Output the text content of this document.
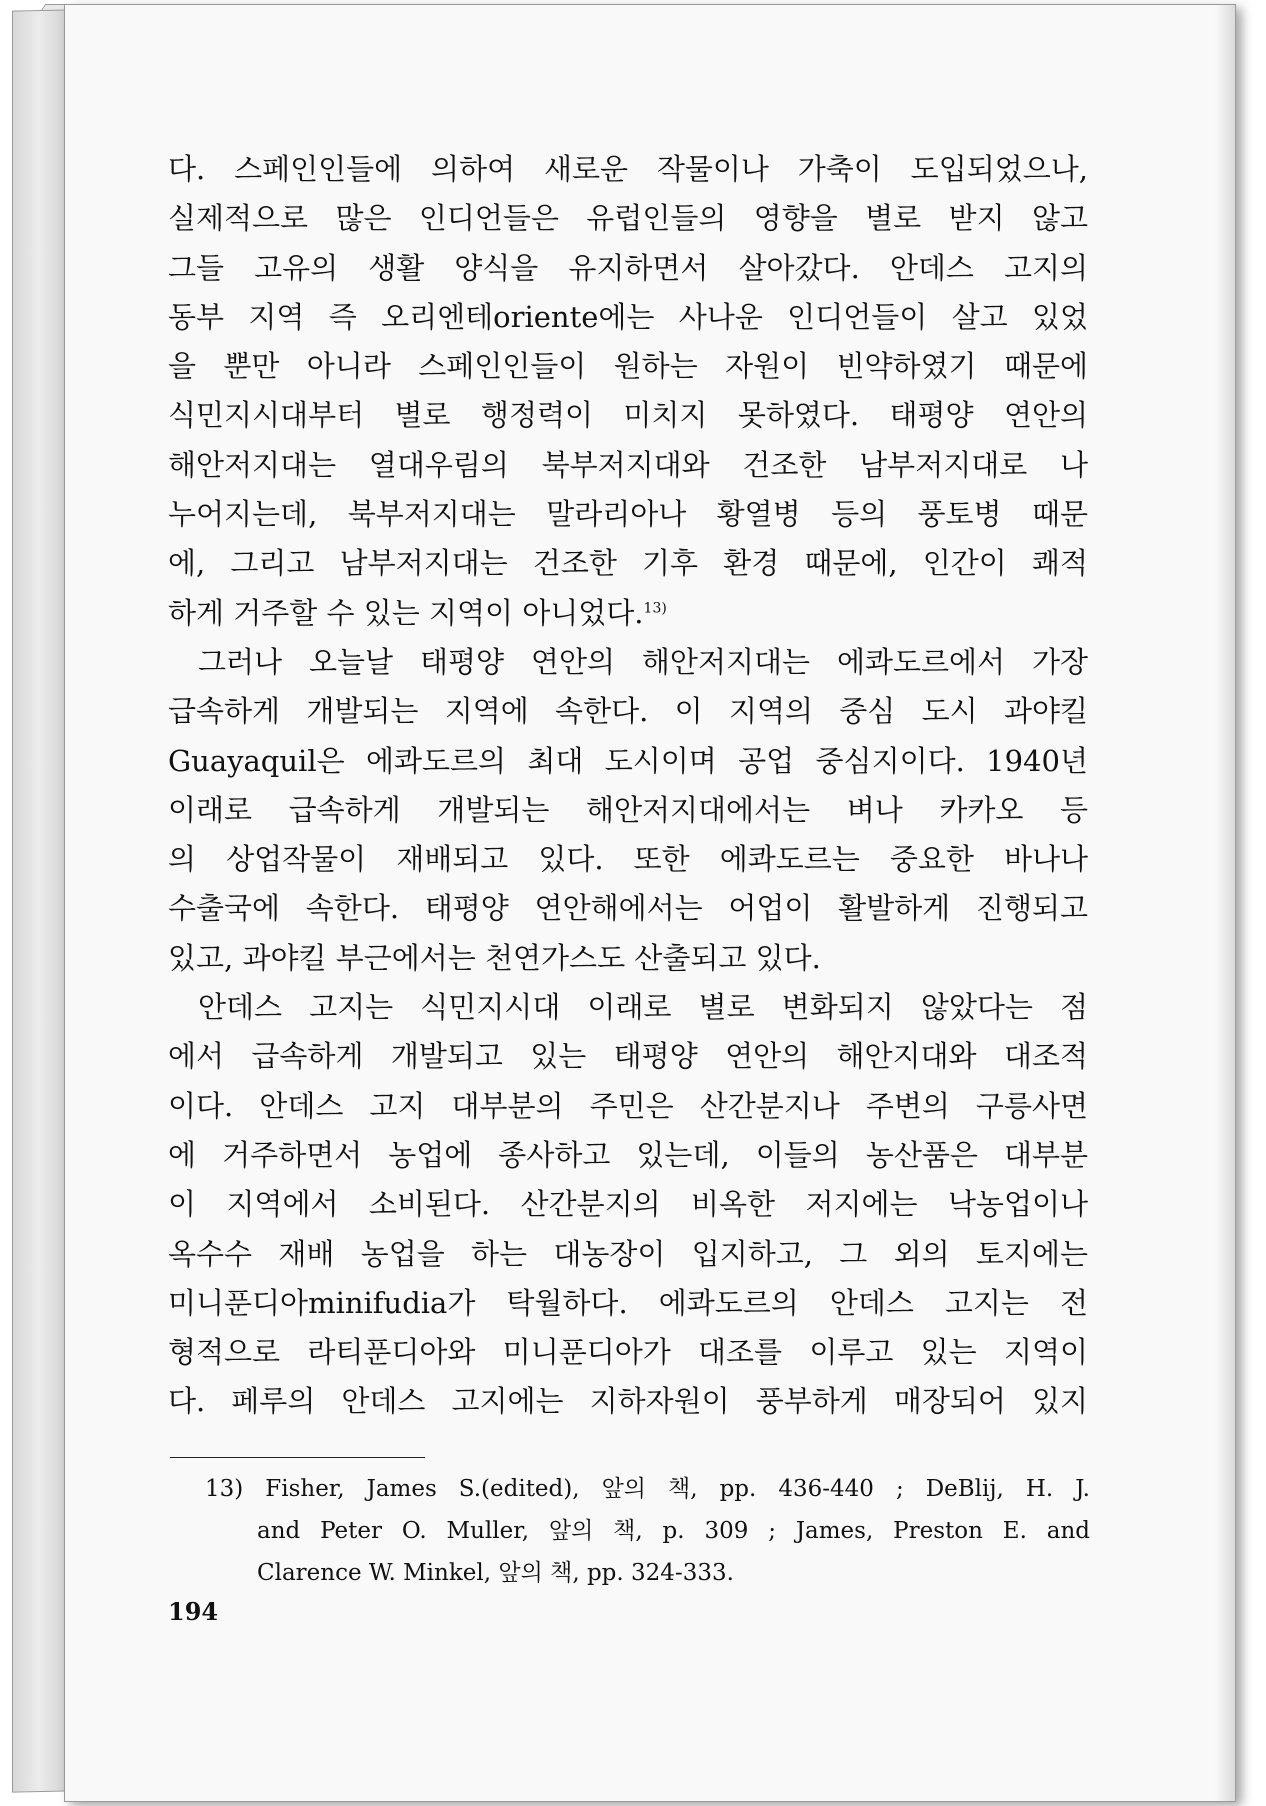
다. 스페인인들에 의하여 새로운 작물이나 가축이 도입되었으나,
실제적으로 많은 인디언들은 유럽인들의 영향을 별로 받지 않고
그들 고유의 생활 양식을 유지하면서 살아갔다. 안데스 고지의
동부 지역 즉 오리엔테oriente에는 사나운 인디언들이 살고 있었
을 뿐만 아니라 스페인인들이 원하는 자원이 빈약하였기 때문에
식민지시대부터 별로 행정력이 미치지 못하였다. 태평양 연안의
해안저지대는 열대우림의 북부저지대와 건조한 남부저지대로 나
누어지는데, 북부저지대는 말라리아나 황열병 등의 풍토병 때문
에, 그리고 남부저지대는 건조한 기후 환경 때문에, 인간이 쾌적
하게 거주할 수 있는 지역이 아니었다.$^{13)}$
그러나 오늘날 태평양 연안의 해안저지대는 에콰도르에서 가장
급속하게 개발되는 지역에 속한다. 이 지역의 중심 도시 과야킬
Guayaquil은 에콰도르의 최대 도시이며 공업 중심지이다. 1940년
이래로 급속하게 개발되는 해안저지대에서는 벼나 카카오 등
의 상업작물이 재배되고 있다. 또한 에콰도르는 중요한 바나나
수출국에 속한다. 태평양 연안해에서는 어업이 활발하게 진행되고
있고, 과야킬 부근에서는 천연가스도 산출되고 있다.
안데스 고지는 식민지시대 이래로 별로 변화되지 않았다는 점
에서 급속하게 개발되고 있는 태평양 연안의 해안지대와 대조적
이다. 안데스 고지 대부분의 주민은 산간분지나 주변의 구릉사면
에 거주하면서 농업에 종사하고 있는데, 이들의 농산품은 대부분
이 지역에서 소비된다. 산간분지의 비옥한 저지에는 낙농업이나
옥수수 재배 농업을 하는 대농장이 입지하고, 그 외의 토지에는
미니푼디아minifudia가 탁월하다. 에콰도르의 안데스 고지는 전
형적으로 라티푼디아와 미니푼디아가 대조를 이루고 있는 지역이
다. 페루의 안데스 고지에는 지하자원이 풍부하게 매장되어 있지
13) Fisher, James S.(edited), 앞의 책, pp. 436-440 ; DeBlij, H. J.
and Peter O. Muller, 앞의 책, p. 309 ; James, Preston E. and
Clarence W. Minkel, 앞의 책, pp. 324-333.
194
